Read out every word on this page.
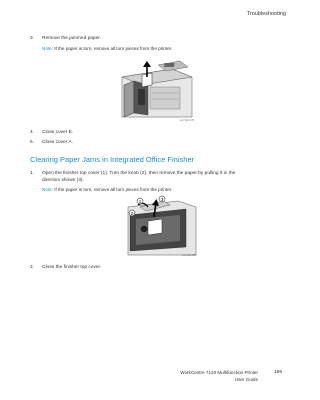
Troubleshooting
3.	Remove the jammed paper.
Note: If the paper is torn, remove all torn pieces from the printer.
wc7120-078
4.	Close cover E.
5.	Close cover A.
Clearing Paper Jams in Integrated Office Finisher
1.	Open the finisher top cover (1). Turn the knob (2), then remove the paper by pulling it in the
direction shown (3).
Note: If the paper is torn, remove all torn pieces from the printer.
1
2
3
wc7120-085
2.	Close the finisher top cover.
WorkCentre 7120 Multifunction Printer
User Guide
189
